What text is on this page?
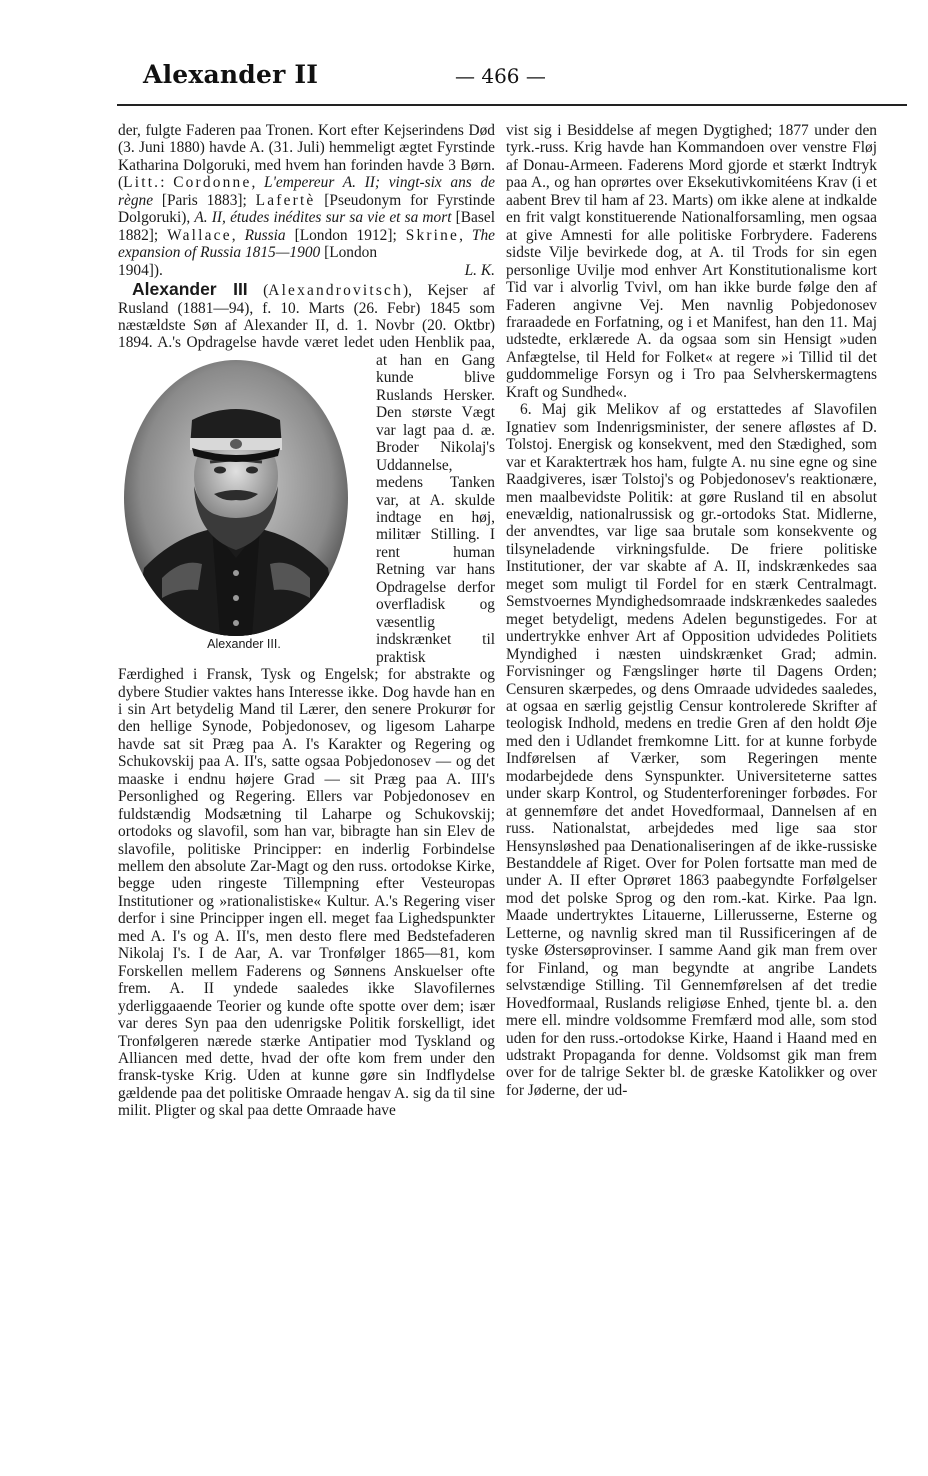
Alexander II	— 466 —

der, fulgte Faderen paa Tronen. Kort efter Kejserindens Død (3. Juni 1880) havde A. (31. Juli) hemmeligt ægtet Fyrstinde Katharina Dolgoruki, med hvem han forinden havde 3 Børn. (Litt.: Cordonne, L'empereur A. II; vingt-six ans de règne [Paris 1883]; Lafertè [Pseudonym for Fyrstinde Dolgoruki), A. II, études inédites sur sa vie et sa mort [Basel 1882]; Wallace, Russia [London 1912]; Skrine, The expansion of Russia 1815—1900 [London

1904]).	L. K.

Alexander III (Alexandrovitsch), Kejser af Rusland (1881—94), f. 10. Marts (26. Febr) 1845 som næstældste Søn af Alexander II, d. 1. Novbr (20. Oktbr) 1894. A.'s Opdragelse havde været ledet uden Henblik paa, at han en Gang
Alexander III.
kunde blive Ruslands Hersker. Den største Vægt var lagt paa d. æ. Broder Nikolaj's Uddannelse, medens Tanken var, at A. skulde indtage en høj, militær Stilling. I rent human Retning var hans Opdragelse derfor overfladisk og væsentlig indskrænket til praktisk Færdighed i Fransk, Tysk og Engelsk; for abstrakte og dybere Studier vaktes hans Interesse ikke. Dog havde han en i sin Art betydelig Mand til Lærer, den senere Prokurør for den hellige Synode, Pobjedonosev, og ligesom Laharpe havde sat sit Præg paa A. I's Karakter og Regering og Schukovskij paa A. II's, satte ogsaa Pobjedonosev — og det maaske i endnu højere Grad — sit Præg paa A. III's Personlighed og Regering. Ellers var Pobjedonosev en fuldstændig Modsætning til Laharpe og Schukovskij; ortodoks og slavofil, som han var, bibragte han sin Elev de slavofile, politiske Principper: en inderlig Forbindelse mellem den absolute Zar-Magt og den russ. ortodokse Kirke, begge uden ringeste Tillempning efter Vesteuropas Institutioner og »rationalistiske« Kultur. A.'s Regering viser derfor i sine Principper ingen ell. meget faa Lighedspunkter med A. I's og A. II's, men desto flere med Bedstefaderen Nikolaj I's. I de Aar, A. var Tronfølger 1865—81, kom Forskellen mellem Faderens og Sønnens Anskuelser ofte frem. A. II yndede saaledes ikke Slavofilernes yderliggaaende Teorier og kunde ofte spotte over dem; især var deres Syn paa den udenrigske Politik forskelligt, idet Tronfølgeren nærede stærke Antipatier mod Tyskland og Alliancen med dette, hvad der ofte kom frem under den fransk-tyske Krig. Uden at kunne gøre sin Indflydelse gældende paa det politiske Omraade hengav A. sig da til sine milit. Pligter og skal paa dette Omraade have

vist sig i Besiddelse af megen Dygtighed; 1877 under den tyrk.-russ. Krig havde han Kommandoen over venstre Fløj af Donau-Armeen. Faderens Mord gjorde et stærkt Indtryk paa A., og han oprørtes over Eksekutivkomitéens Krav (i et aabent Brev til ham af 23. Marts) om ikke alene at indkalde en frit valgt konstituerende Nationalforsamling, men ogsaa at give Amnesti for alle politiske Forbrydere. Faderens sidste Vilje bevirkede dog, at A. til Trods for sin egen personlige Uvilje mod enhver Art Konstitutionalisme kort Tid var i alvorlig Tvivl, om han ikke burde følge den af Faderen angivne Vej. Men navnlig Pobjedonosev fraraadede en Forfatning, og i et Manifest, han den 11. Maj udstedte, erklærede A. da ogsaa som sin Hensigt »uden Anfægtelse, til Held for Folket« at regere »i Tillid til det guddommelige Forsyn og i Tro paa Selvherskermagtens Kraft og Sundhed«.

6. Maj gik Melikov af og erstattedes af Slavofilen Ignatiev som Indenrigsminister, der senere afløstes af D. Tolstoj. Energisk og konsekvent, med den Stædighed, som var et Karaktertræk hos ham, fulgte A. nu sine egne og sine Raadgiveres, især Tolstoj's og Pobjedonosev's reaktionære, men maalbevidste Politik: at gøre Rusland til en absolut enevældig, nationalrussisk og gr.-ortodoks Stat. Midlerne, der anvendtes, var lige saa brutale som konsekvente og tilsyneladende virkningsfulde. De friere politiske Institutioner, der var skabte af A. II, indskrænkedes saa meget som muligt til Fordel for en stærk Centralmagt. Semstvoernes Myndighedsomraade indskrænkedes saaledes meget betydeligt, medens Adelen begunstigedes. For at undertrykke enhver Art af Opposition udvidedes Politiets Myndighed i næsten uindskrænket Grad; admin. Forvisninger og Fængslinger hørte til Dagens Orden; Censuren skærpedes, og dens Omraade udvidedes saaledes, at ogsaa en særlig gejstlig Censur kontrolerede Skrifter af teologisk Indhold, medens en tredie Gren af den holdt Øje med den i Udlandet fremkomne Litt. for at kunne forbyde Indførelsen af Værker, som Regeringen mente modarbejdede dens Synspunkter. Universiteterne sattes under skarp Kontrol, og Studenterforeninger forbødes. For at gennemføre det andet Hovedformaal, Dannelsen af en russ. Nationalstat, arbejdedes med lige saa stor Hensynsløshed paa Denationaliseringen af de ikke-russiske Bestanddele af Riget. Over for Polen fortsatte man med de under A. II efter Oprøret 1863 paabegyndte Forfølgelser mod det polske Sprog og den rom.-kat. Kirke. Paa lgn. Maade undertryktes Litauerne, Lillerusserne, Esterne og Letterne, og navnlig skred man til Russificeringen af de tyske Østersøprovinser. I samme Aand gik man frem over for Finland, og man begyndte at angribe Landets selvstændige Stilling. Til Gennemførelsen af det tredie Hovedformaal, Ruslands religiøse Enhed, tjente bl. a. den mere ell. mindre voldsomme Fremfærd mod alle, som stod uden for den russ.-ortodokse Kirke, Haand i Haand med en udstrakt Propaganda for denne. Voldsomst gik man frem over for de talrige Sekter bl. de græske Katolikker og over for Jøderne, der ud-
